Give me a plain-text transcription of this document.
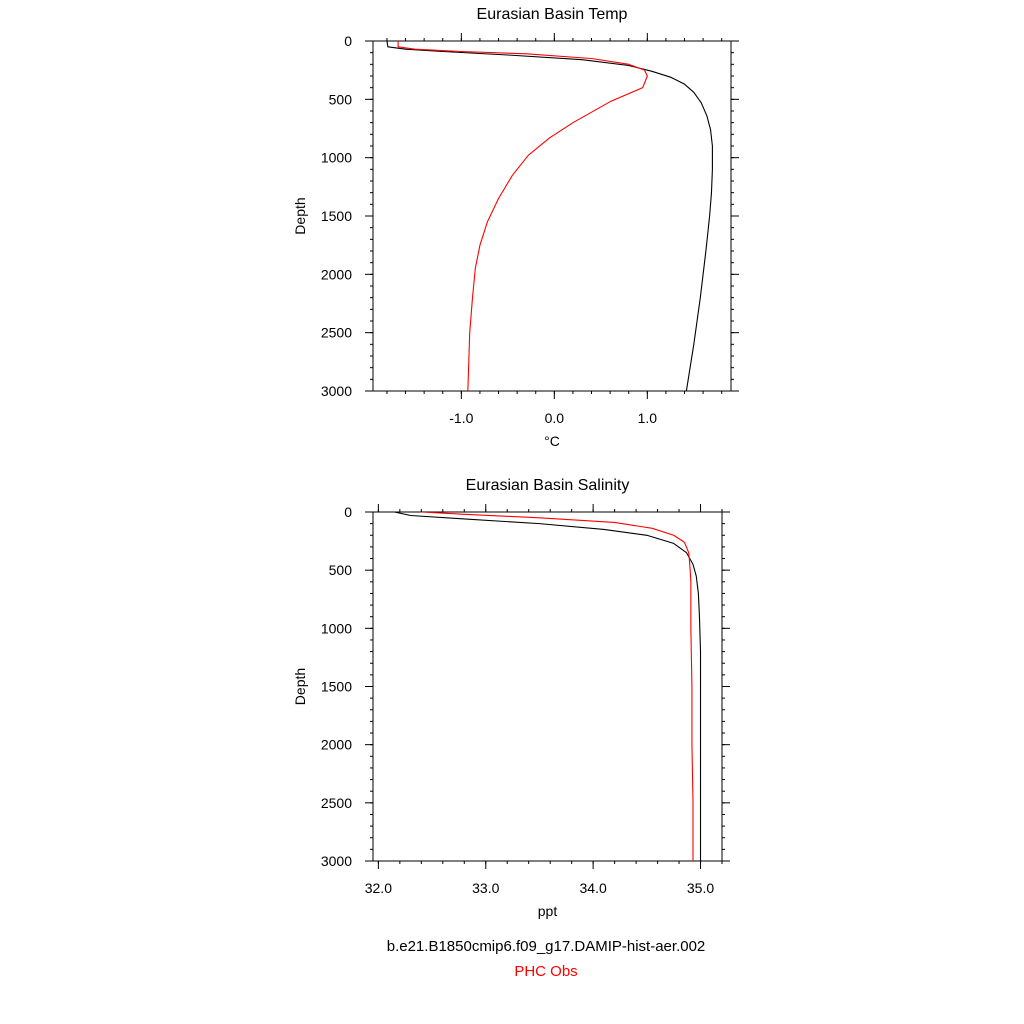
Eurasian Basin Temp
-1.0	0.0	1.0
0
500
1000
1500
2000
2500
3000
°C
Depth
Eurasian Basin Salinity
32.0	33.0	34.0	35.0
0
500
1000
1500
2000
2500
3000
ppt
Depth
b.e21.B1850cmip6.f09_g17.DAMIP-hist-aer.002
PHC Obs
